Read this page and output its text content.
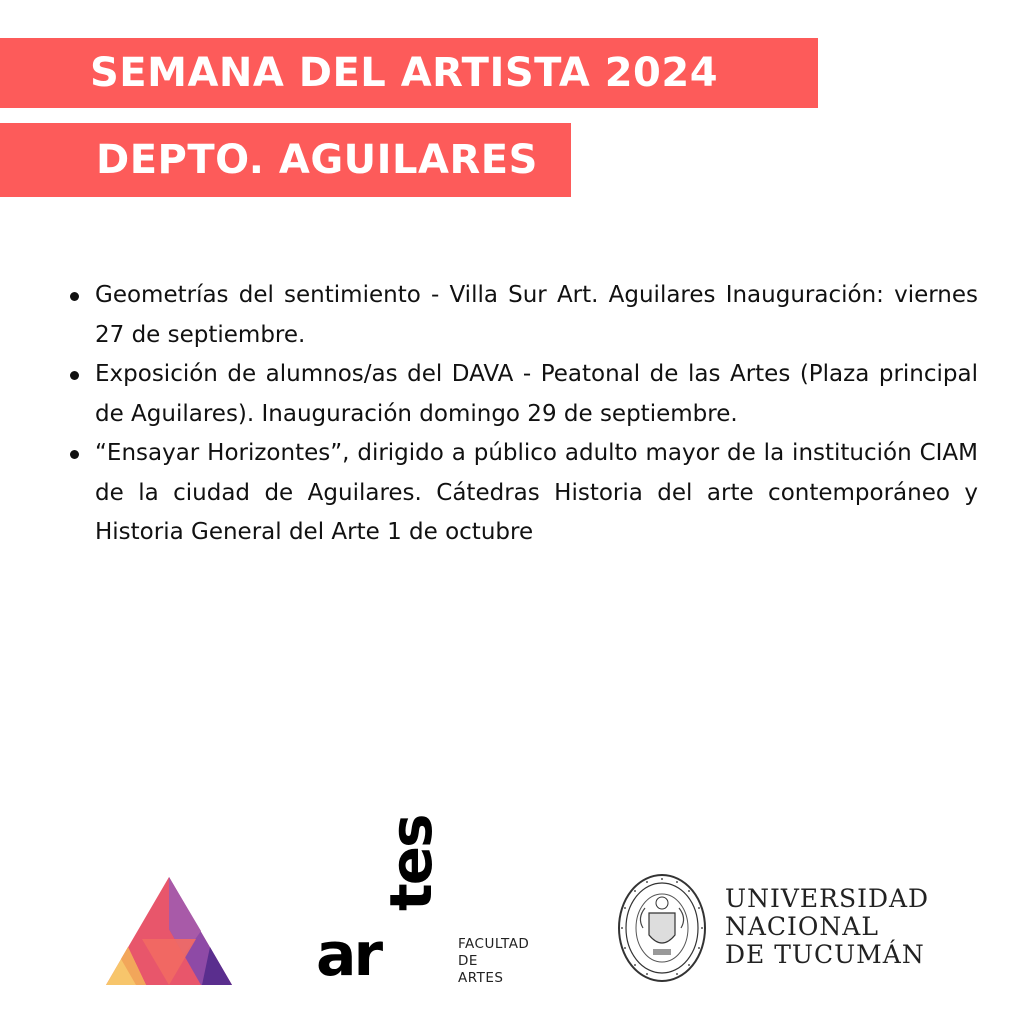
SEMANA DEL ARTISTA 2024
DEPTO. AGUILARES
Geometrías del sentimiento - Villa Sur Art. Aguilares Inauguración: viernes 27 de septiembre.
Exposición de alumnos/as del DAVA - Peatonal de las Artes (Plaza principal de Aguilares). Inauguración domingo 29 de septiembre.
“Ensayar Horizontes”, dirigido a público adulto mayor de la institución CIAM de la ciudad de Aguilares. Cátedras Historia del arte contemporáneo y Historia General del Arte 1 de octubre
ar
tes
FACULTAD
DE
ARTES
UNIVERSIDAD
NACIONAL
DE TUCUMÁN
